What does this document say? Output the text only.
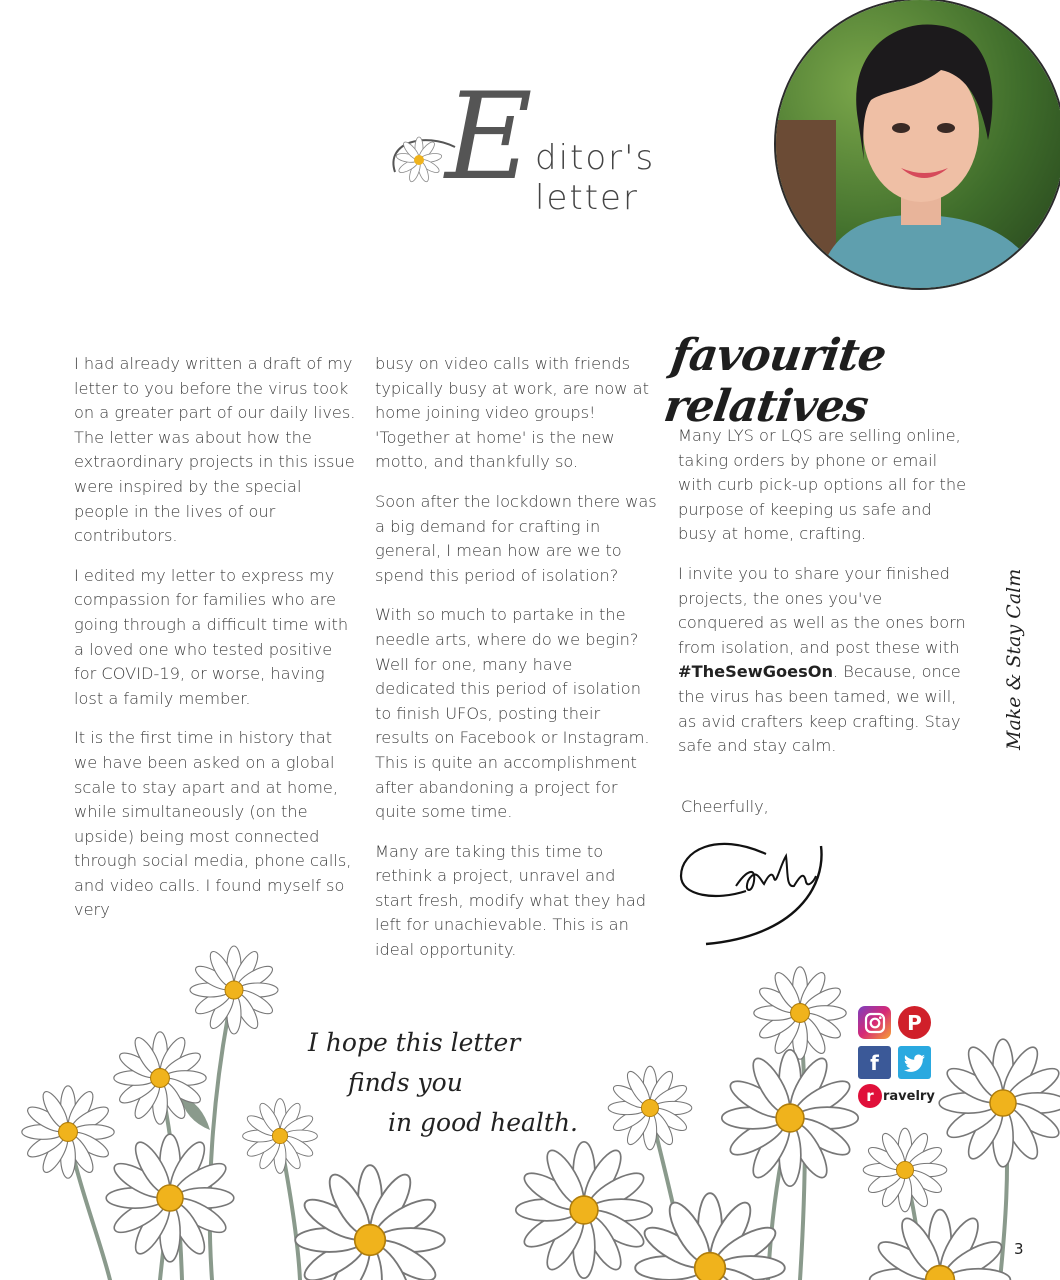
E ditor's letter

I had already written a draft of my letter to you before the virus took on a greater part of our daily lives. The letter was about how the extraordinary projects in this issue were inspired by the special people in the lives of our contributors.

I edited my letter to express my compassion for families who are going through a difficult time with a loved one who tested positive for COVID-19, or worse, having lost a family member.

It is the first time in history that we have been asked on a global scale to stay apart and at home, while simultaneously (on the upside) being most connected through social media, phone calls, and video calls. I found myself so very

busy on video calls with friends typically busy at work, are now at home joining video groups! 'Together at home' is the new motto, and thankfully so.

Soon after the lockdown there was a big demand for crafting in general, I mean how are we to spend this period of isolation?

With so much to partake in the needle arts, where do we begin? Well for one, many have dedicated this period of isolation to finish UFOs, posting their results on Facebook or Instagram. This is quite an accomplishment after abandoning a project for quite some time.

Many are taking this time to rethink a project, unravel and start fresh, modify what they had left for unachievable. This is an ideal opportunity.

favourite relatives

Many LYS or LQS are selling online, taking orders by phone or email with curb pick-up options all for the purpose of keeping us safe and busy at home, crafting.

I invite you to share your finished projects, the ones you've conquered as well as the ones born from isolation, and post these with #TheSewGoesOn. Because, once the virus has been tamed, we will, as avid crafters keep crafting. Stay safe and stay calm.	Make & Stay Calm
Cheerfully,
I hope this letter
finds you
in good health.
P
f
r ravelry
3
